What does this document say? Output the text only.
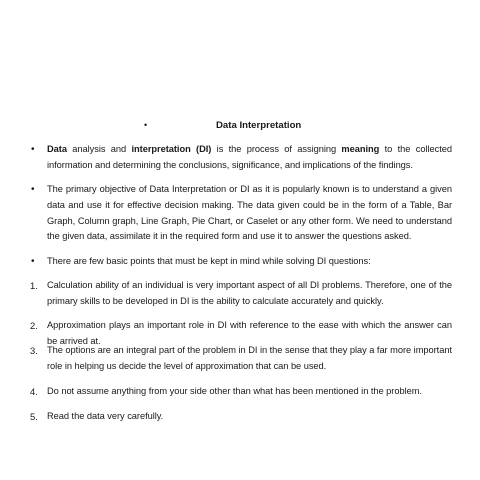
•	Data Interpretation
• Data analysis and interpretation (DI) is the process of assigning meaning to the collected information and determining the conclusions, significance, and implications of the findings.
• The primary objective of Data Interpretation or DI as it is popularly known is to understand a given data and use it for effective decision making. The data given could be in the form of a Table, Bar Graph, Column graph, Line Graph, Pie Chart, or Caselet or any other form. We need to understand the given data, assimilate it in the required form and use it to answer the questions asked.
• There are few basic points that must be kept in mind while solving DI questions:
1. Calculation ability of an individual is very important aspect of all DI problems. Therefore, one of the primary skills to be developed in DI is the ability to calculate accurately and quickly.
2. Approximation plays an important role in DI with reference to the ease with which the answer can be arrived at.
3. The options are an integral part of the problem in DI in the sense that they play a far more important role in helping us decide the level of approximation that can be used.
4. Do not assume anything from your side other than what has been mentioned in the problem.
5. Read the data very carefully.
